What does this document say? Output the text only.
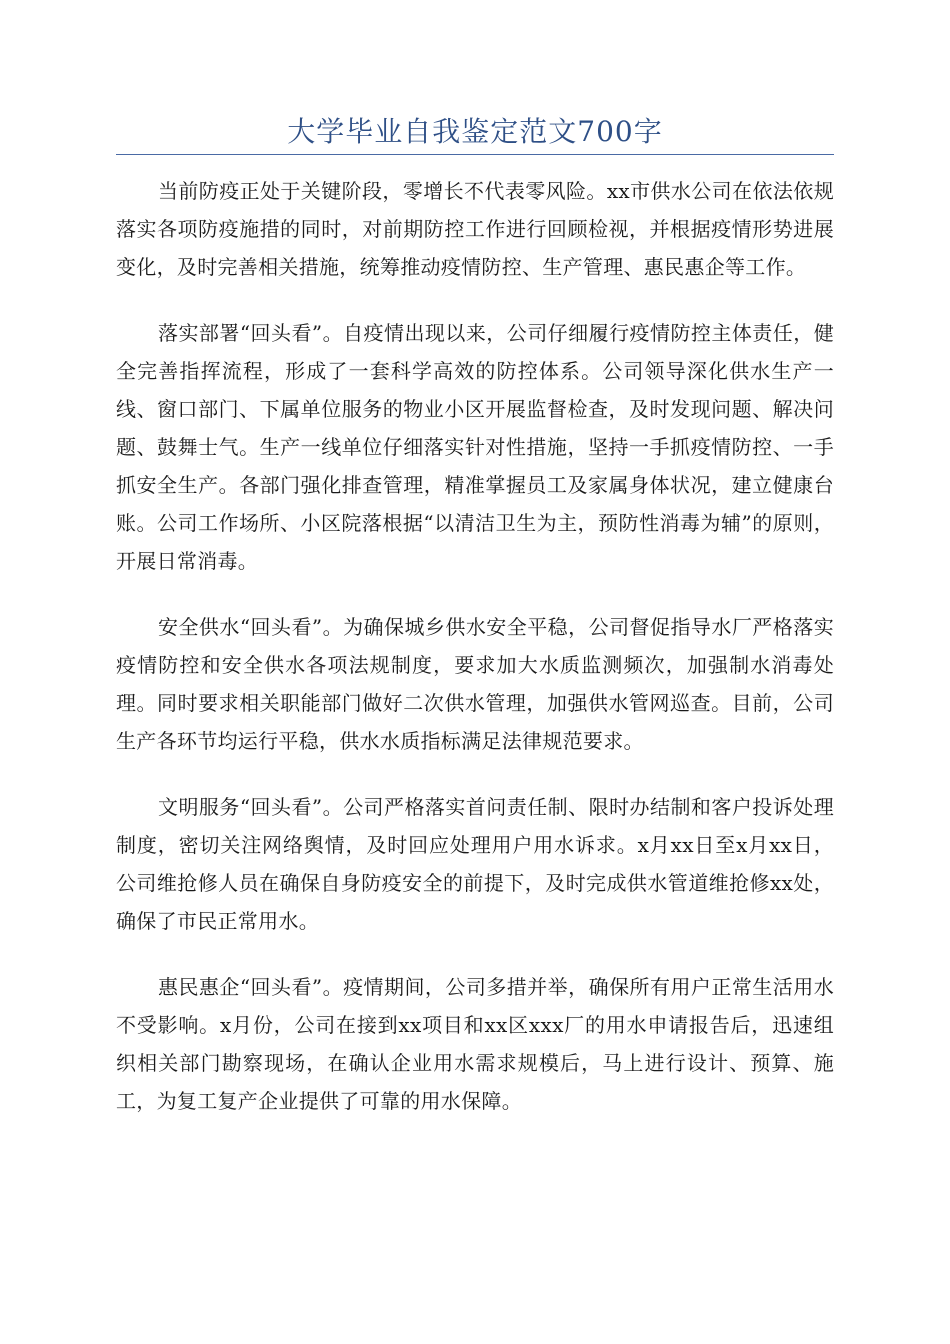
大学毕业自我鉴定范文700字

当前防疫正处于关键阶段，零增长不代表零风险。xx市供水公司在依法依规落实各项防疫施措的同时，对前期防控工作进行回顾检视，并根据疫情形势进展变化，及时完善相关措施，统筹推动疫情防控、生产管理、惠民惠企等工作。

落实部署“回头看”。自疫情出现以来，公司仔细履行疫情防控主体责任，健全完善指挥流程，形成了一套科学高效的防控体系。公司领导深化供水生产一线、窗口部门、下属单位服务的物业小区开展监督检查，及时发现问题、解决问题、鼓舞士气。生产一线单位仔细落实针对性措施，坚持一手抓疫情防控、一手抓安全生产。各部门强化排查管理，精准掌握员工及家属身体状况，建立健康台账。公司工作场所、小区院落根据“以清洁卫生为主，预防性消毒为辅”的原则，开展日常消毒。

安全供水“回头看”。为确保城乡供水安全平稳，公司督促指导水厂严格落实疫情防控和安全供水各项法规制度，要求加大水质监测频次，加强制水消毒处理。同时要求相关职能部门做好二次供水管理，加强供水管网巡查。目前，公司生产各环节均运行平稳，供水水质指标满足法律规范要求。

文明服务“回头看”。公司严格落实首问责任制、限时办结制和客户投诉处理制度，密切关注网络舆情，及时回应处理用户用水诉求。x月xx日至x月xx日，公司维抢修人员在确保自身防疫安全的前提下，及时完成供水管道维抢修xx处，确保了市民正常用水。

惠民惠企“回头看”。疫情期间，公司多措并举，确保所有用户正常生活用水不受影响。x月份，公司在接到xx项目和xx区xxx厂的用水申请报告后，迅速组织相关部门勘察现场，在确认企业用水需求规模后，马上进行设计、预算、施工，为复工复产企业提供了可靠的用水保障。
